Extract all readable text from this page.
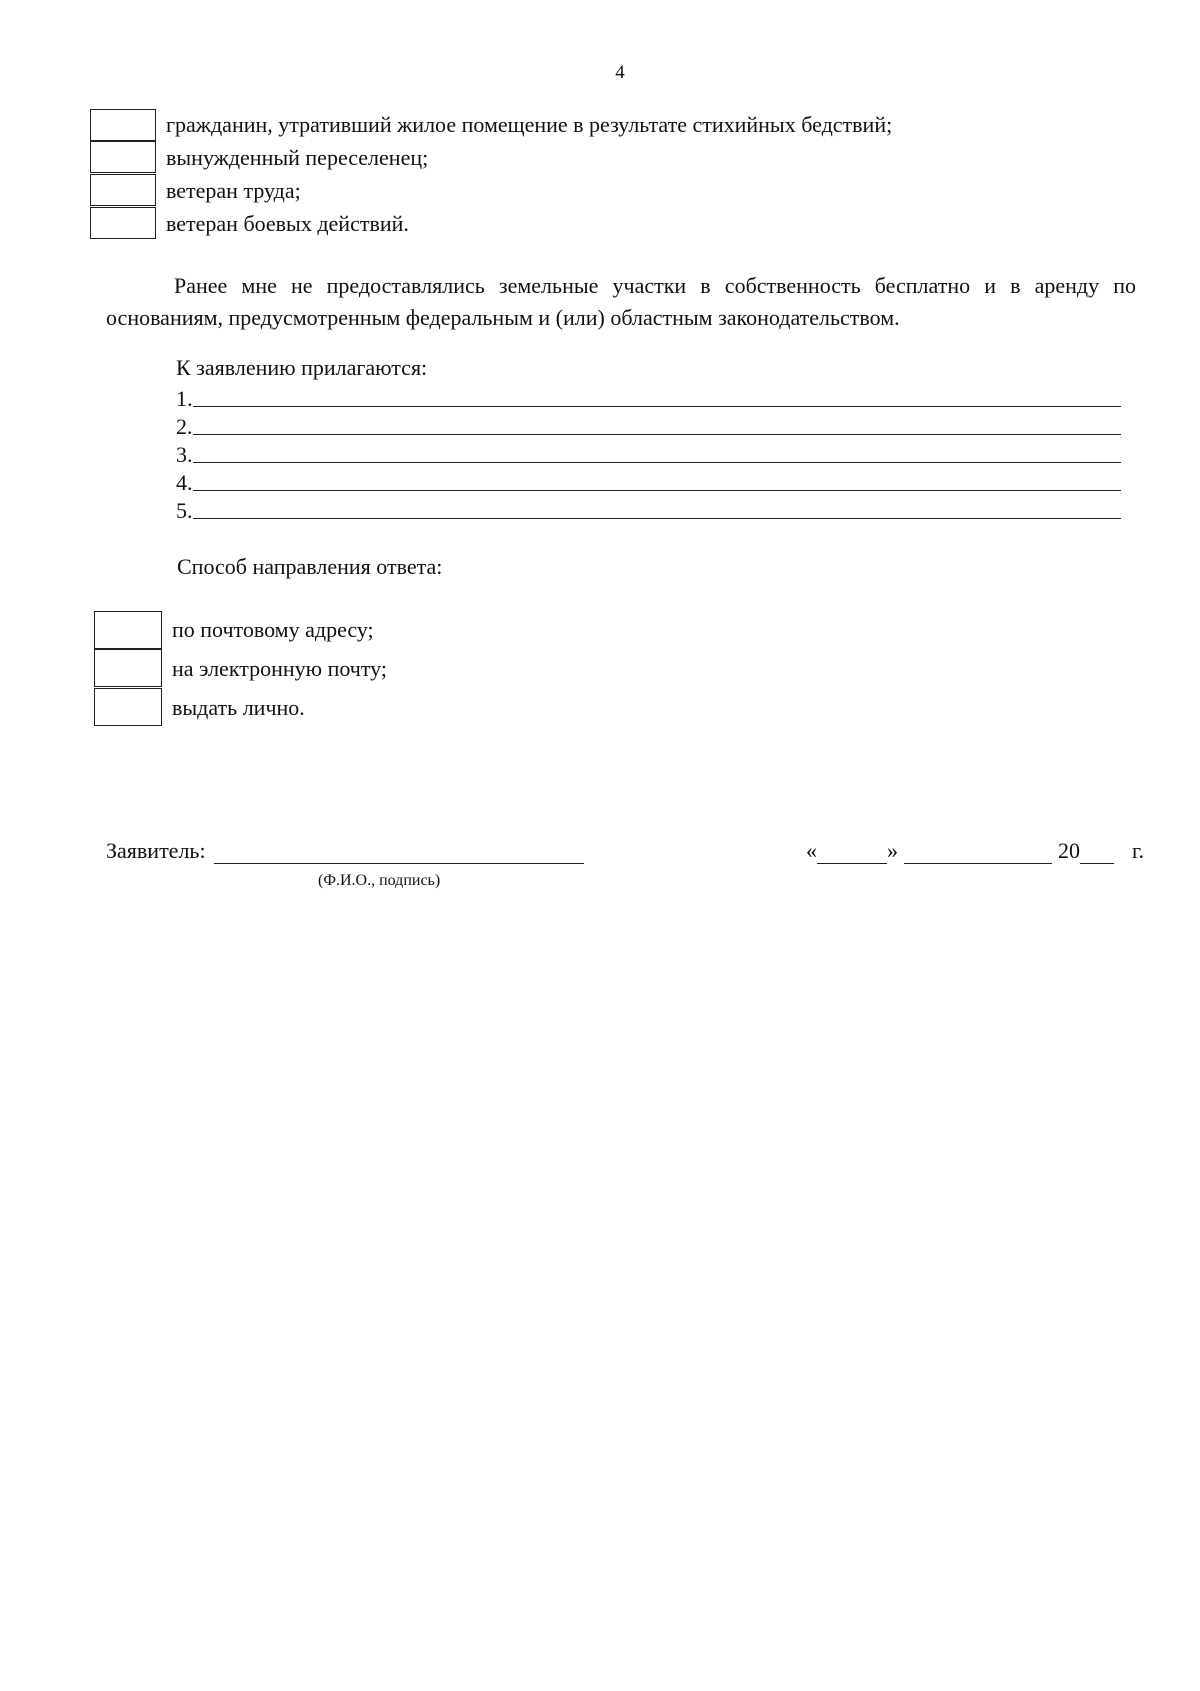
4
гражданин, утративший жилое помещение в результате стихийных бедствий;
вынужденный переселенец;
ветеран труда;
ветеран боевых действий.
Ранее мне не предоставлялись земельные участки в собственность бесплатно и в аренду по основаниям, предусмотренным федеральным и (или) областным законодательством.
К заявлению прилагаются:
1.
2.
3.
4.
5.
Способ направления ответа:
по почтовому адресу;
на электронную почту;
выдать лично.
Заявитель:
(Ф.И.О., подпись)
«	»	20 г.
